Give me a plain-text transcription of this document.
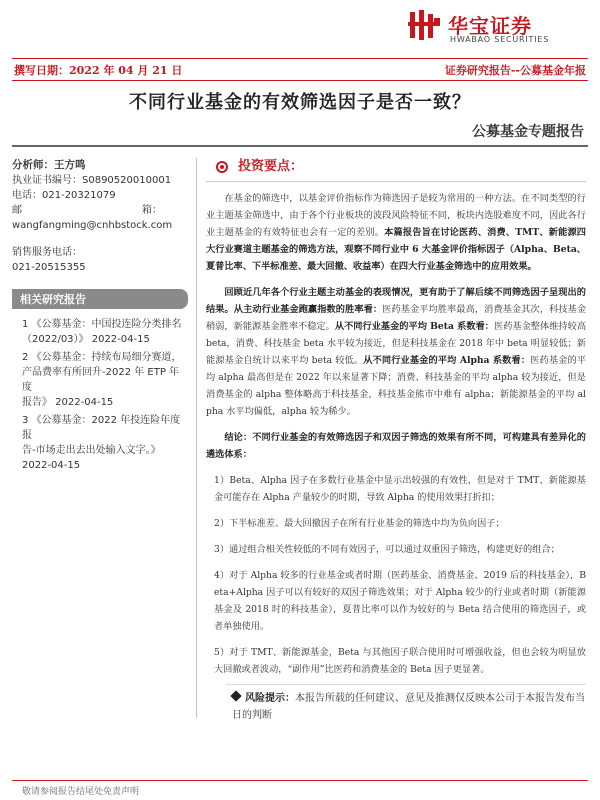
华宝证券
HWABAO SECURITIES
撰写日期：2022 年 04 月 21 日	证券研究报告--公募基金年报
不同行业基金的有效筛选因子是否一致？
公募基金专题报告
分析师：王方鸣
执业证书编号：S0890520010001
电话：021-20321079
邮	箱：
wangfangming@cnhbstock.com
销售服务电话：
021-20515355
相关研究报告
1 《公募基金：中国投连险分类排名
（2022/03）》 2022-04-15
2 《公募基金：持续布局细分赛道，
产品费率有所回升-2022 年 ETP 年度
报告》 2022-04-15
3 《公募基金：2022 年投连险年度报
告-市场走出去出处输入文字。》
2022-04-15
投资要点：

在基金的筛选中，以基金评价指标作为筛选因子是较为常用的一种方法。在不同类型的行业主题基金筛选中，由于各个行业板块的波段风险特征不同，板块内选股难度不同，因此各行业主题基金的有效特征也会有一定的差别。本篇报告旨在讨论医药、消费、TMT、新能源四大行业赛道主题基金的筛选方法，观察不同行业中 6 大基金评价指标因子（Alpha、Beta、夏普比率、下半标准差、最大回撤、收益率）在四大行业基金筛选中的应用效果。

回顾近几年各个行业主题主动基金的表现情况，更有助于了解后续不同筛选因子呈现出的结果。从主动行业基金跑赢指数的胜率看：医药基金平均胜率最高，消费基金其次，科技基金稍弱，新能源基金胜率不稳定。从不同行业基金的平均 Beta 系数看：医药基金整体维持较高 beta，消费、科技基金 beta 水平较为接近，但是科技基金在 2018 年中 beta 明显较低；新能源基金自统计以来平均 beta 较低。从不同行业基金的平均 Alpha 系数看：医药基金的平均 alpha 最高但是在 2022 年以来显著下降；消费、科技基金的平均 alpha 较为接近，但是消费基金的 alpha 整体略高于科技基金，科技基金熊市中难有 alpha；新能源基金的平均 alpha 水平均偏低，alpha 较为稀少。

结论：不同行业基金的有效筛选因子和双因子筛选的效果有所不同，可构建具有差异化的遴选体系：

1）Beta、Alpha 因子在多数行业基金中显示出较强的有效性，但是对于 TMT、新能源基金可能存在 Alpha 产量较少的时期，导致 Alpha 的使用效果打折扣；

2）下半标准差、最大回撤因子在所有行业基金的筛选中均为负向因子；

3）通过组合相关性较低的不同有效因子，可以通过双重因子筛选，构建更好的组合；

4）对于 Alpha 较多的行业基金或者时期（医药基金、消费基金、2019 后的科技基金），Beta+Alpha 因子可以有较好的双因子筛选效果；对于 Alpha 较少的行业或者时期（新能源基金及 2018 时的科技基金），夏普比率可以作为较好的与 Beta 结合使用的筛选因子，或者单独使用。

5）对于 TMT、新能源基金，Beta 与其他因子联合使用时可增强收益，但也会较为明显放大回撤或者波动，“副作用”比医药和消费基金的 Beta 因子更显著。

风险提示：本报告所载的任何建议、意见及推测仅反映本公司于本报告发布当日的判断
敬请参阅报告结尾处免责声明
